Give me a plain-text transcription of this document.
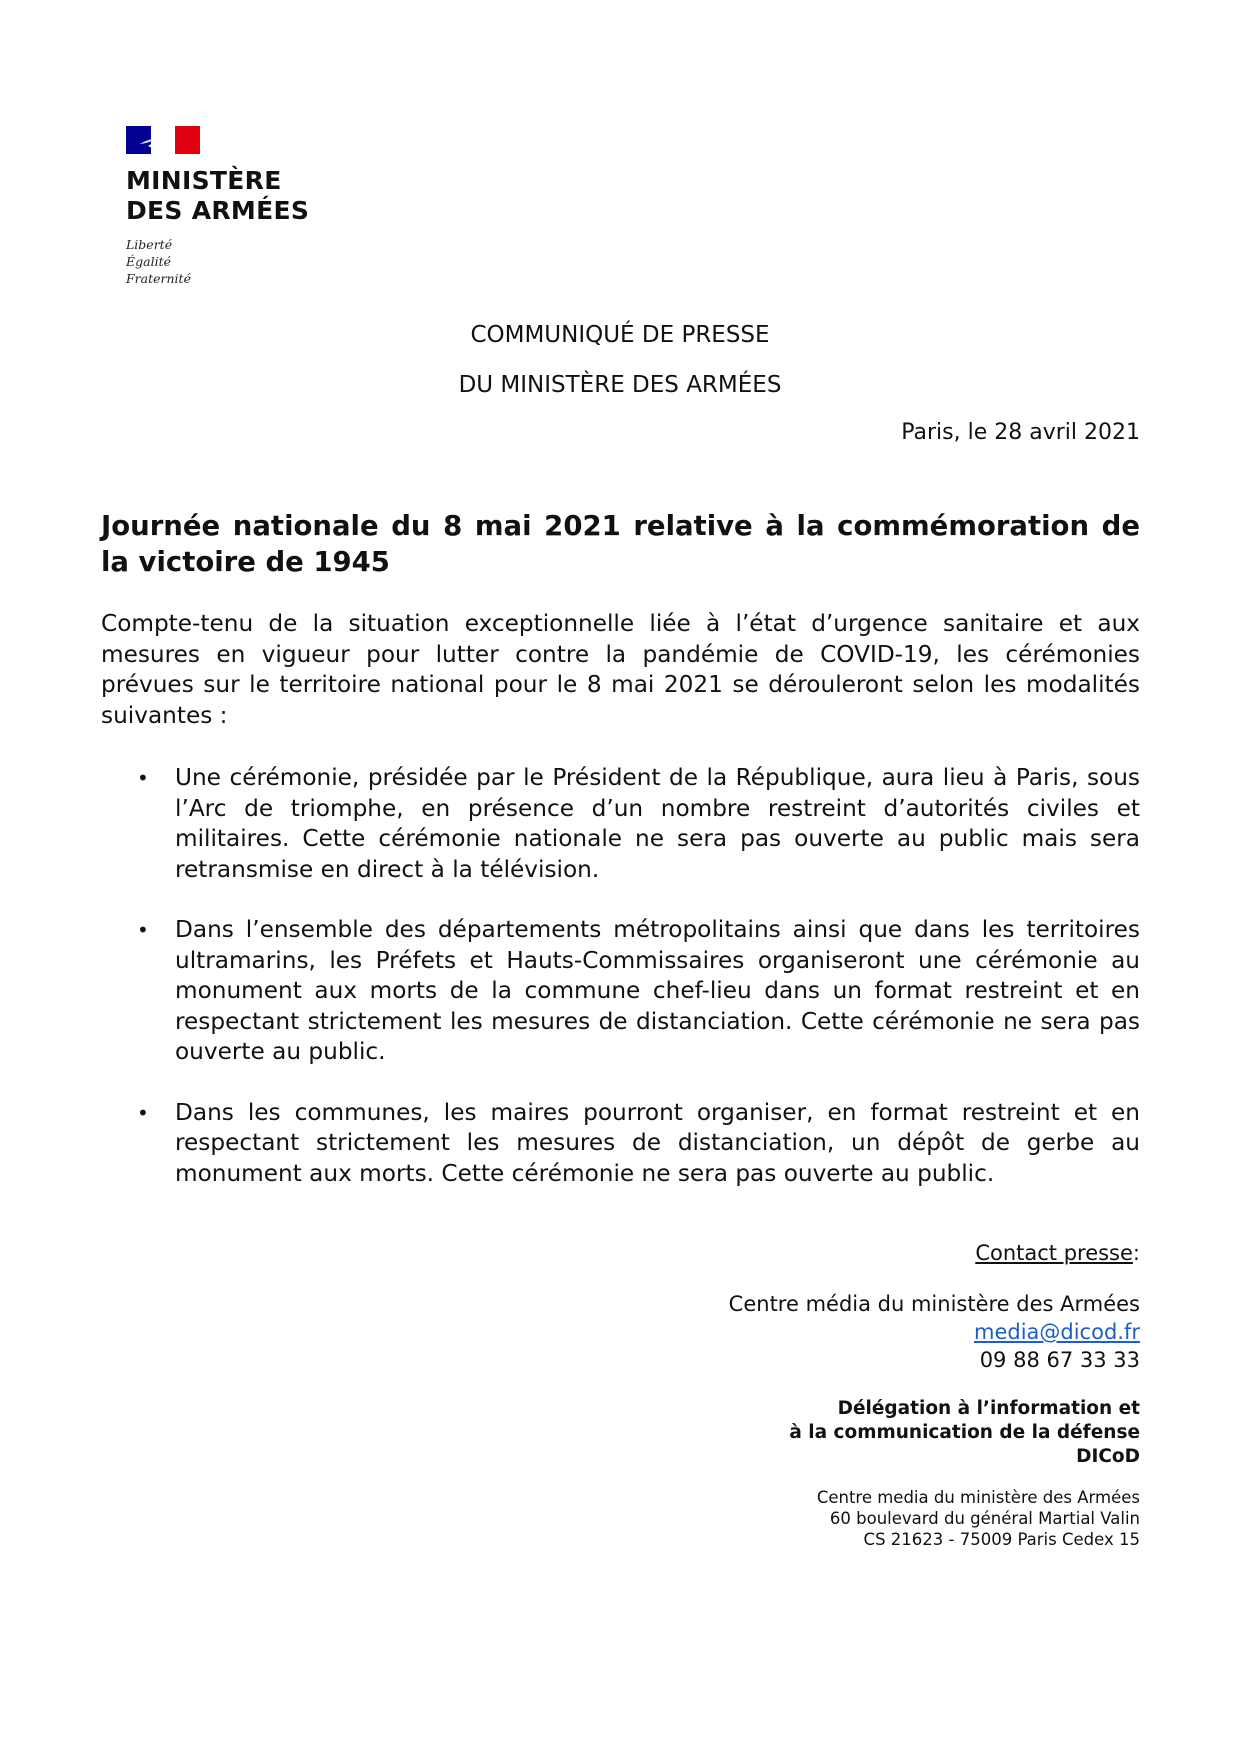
MINISTÈRE
DES ARMÉES
Liberté
Égalité
Fraternité
COMMUNIQUÉ DE PRESSE
DU MINISTÈRE DES ARMÉES
Paris, le 28 avril 2021
Journée nationale du 8 mai 2021 relative à la commémoration de la victoire de 1945
Compte-tenu de la situation exceptionnelle liée à l’état d’urgence sanitaire et aux mesures en vigueur pour lutter contre la pandémie de COVID-19, les cérémonies prévues sur le territoire national pour le 8 mai 2021 se dérouleront selon les modalités suivantes :
• Une cérémonie, présidée par le Président de la République, aura lieu à Paris, sous l’Arc de triomphe, en présence d’un nombre restreint d’autorités civiles et militaires. Cette cérémonie nationale ne sera pas ouverte au public mais sera retransmise en direct à la télévision.
• Dans l’ensemble des départements métropolitains ainsi que dans les territoires ultramarins, les Préfets et Hauts-Commissaires organiseront une cérémonie au monument aux morts de la commune chef-lieu dans un format restreint et en respectant strictement les mesures de distanciation. Cette cérémonie ne sera pas ouverte au public.
• Dans les communes, les maires pourront organiser, en format restreint et en respectant strictement les mesures de distanciation, un dépôt de gerbe au monument aux morts. Cette cérémonie ne sera pas ouverte au public.
Contact presse:
Centre média du ministère des Armées
media@dicod.fr
09 88 67 33 33
Délégation à l’information et
à la communication de la défense
DICoD
Centre media du ministère des Armées
60 boulevard du général Martial Valin
CS 21623 - 75009 Paris Cedex 15
